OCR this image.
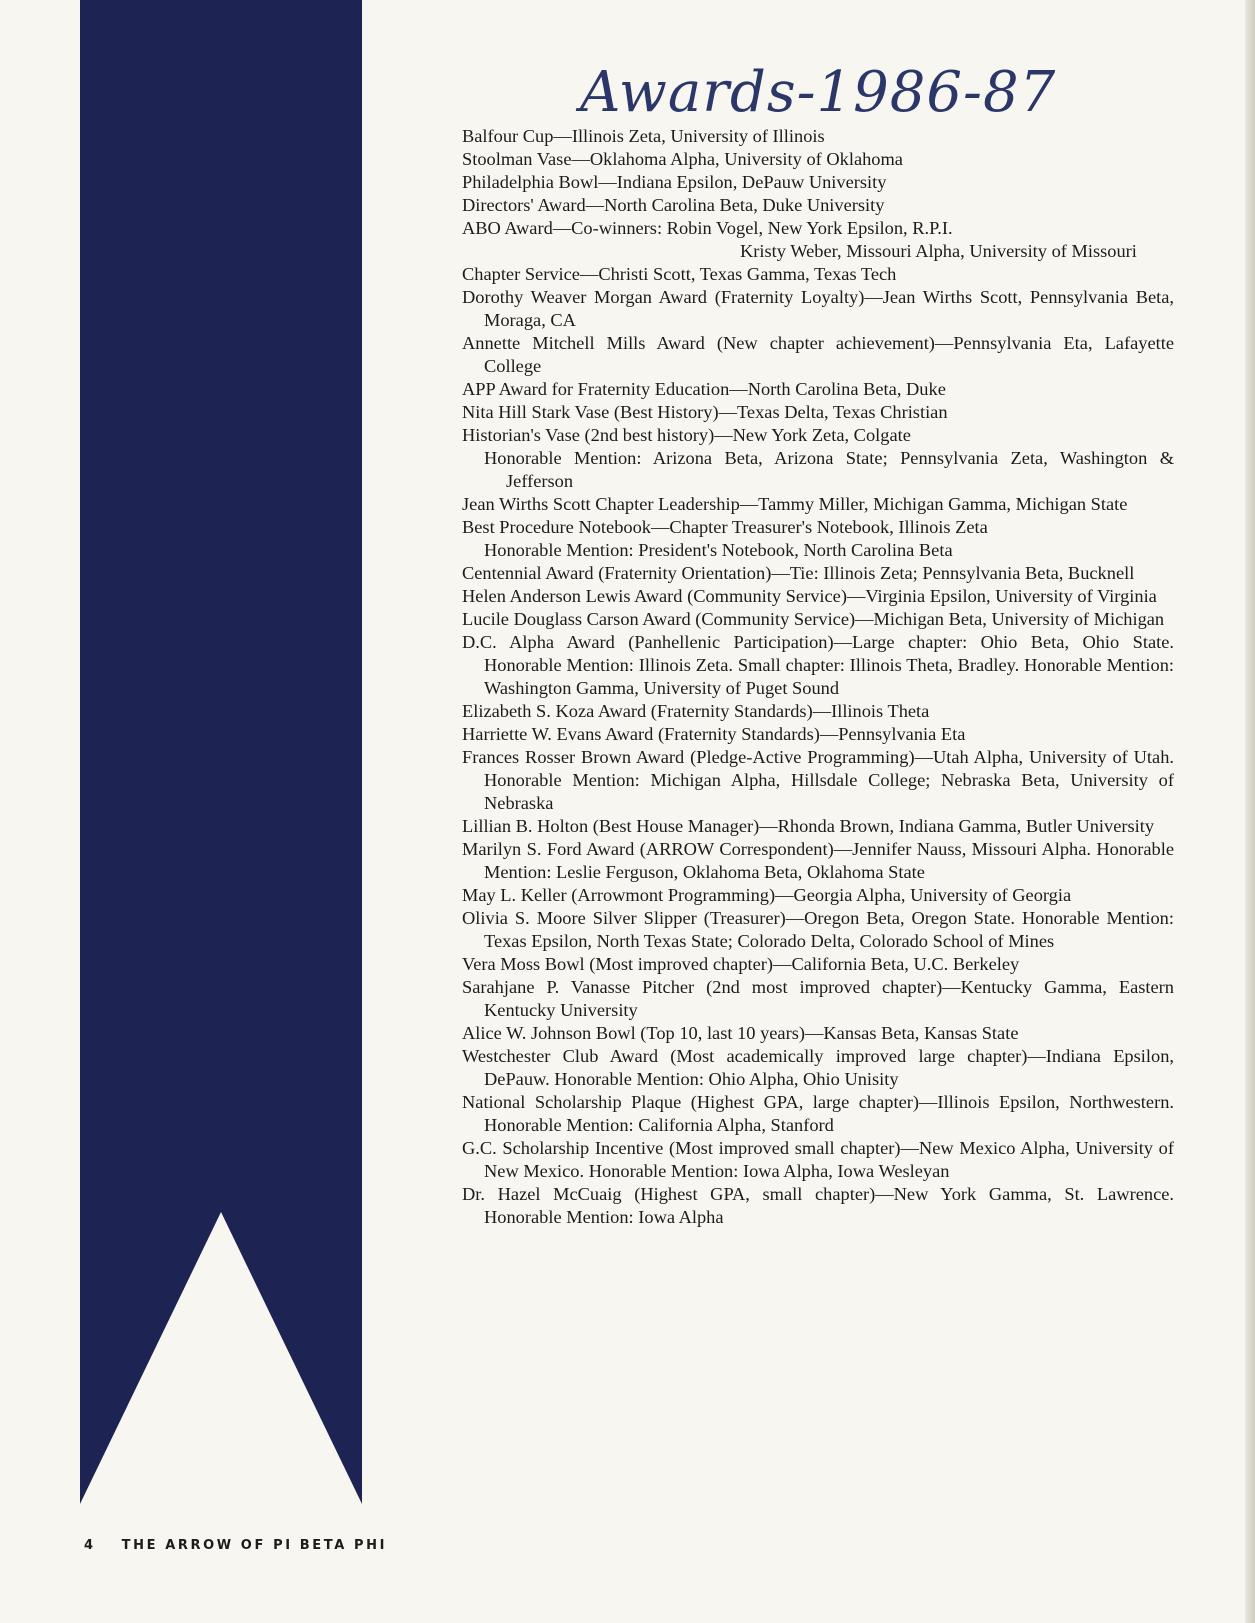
Awards-1986-87
Balfour Cup—Illinois Zeta, University of Illinois
Stoolman Vase—Oklahoma Alpha, University of Oklahoma
Philadelphia Bowl—Indiana Epsilon, DePauw University
Directors' Award—North Carolina Beta, Duke University
ABO Award—Co-winners: Robin Vogel, New York Epsilon, R.P.I.
Kristy Weber, Missouri Alpha, University of Missouri
Chapter Service—Christi Scott, Texas Gamma, Texas Tech
Dorothy Weaver Morgan Award (Fraternity Loyalty)—Jean Wirths Scott, Pennsylvania Beta, Moraga, CA
Annette Mitchell Mills Award (New chapter achievement)—Pennsylvania Eta, Lafayette College
APP Award for Fraternity Education—North Carolina Beta, Duke
Nita Hill Stark Vase (Best History)—Texas Delta, Texas Christian
Historian's Vase (2nd best history)—New York Zeta, Colgate
Honorable Mention: Arizona Beta, Arizona State; Pennsylvania Zeta, Washington & Jefferson
Jean Wirths Scott Chapter Leadership—Tammy Miller, Michigan Gamma, Michigan State
Best Procedure Notebook—Chapter Treasurer's Notebook, Illinois Zeta
Honorable Mention: President's Notebook, North Carolina Beta
Centennial Award (Fraternity Orientation)—Tie: Illinois Zeta; Pennsylvania Beta, Bucknell
Helen Anderson Lewis Award (Community Service)—Virginia Epsilon, University of Virginia
Lucile Douglass Carson Award (Community Service)—Michigan Beta, University of Michigan
D.C. Alpha Award (Panhellenic Participation)—Large chapter: Ohio Beta, Ohio State. Honorable Mention: Illinois Zeta. Small chapter: Illinois Theta, Bradley. Honorable Mention: Washington Gamma, University of Puget Sound
Elizabeth S. Koza Award (Fraternity Standards)—Illinois Theta
Harriette W. Evans Award (Fraternity Standards)—Pennsylvania Eta
Frances Rosser Brown Award (Pledge-Active Programming)—Utah Alpha, University of Utah. Honorable Mention: Michigan Alpha, Hillsdale College; Nebraska Beta, University of Nebraska
Lillian B. Holton (Best House Manager)—Rhonda Brown, Indiana Gamma, Butler University
Marilyn S. Ford Award (ARROW Correspondent)—Jennifer Nauss, Missouri Alpha. Honorable Mention: Leslie Ferguson, Oklahoma Beta, Oklahoma State
May L. Keller (Arrowmont Programming)—Georgia Alpha, University of Georgia
Olivia S. Moore Silver Slipper (Treasurer)—Oregon Beta, Oregon State. Honorable Mention: Texas Epsilon, North Texas State; Colorado Delta, Colorado School of Mines
Vera Moss Bowl (Most improved chapter)—California Beta, U.C. Berkeley
Sarahjane P. Vanasse Pitcher (2nd most improved chapter)—Kentucky Gamma, Eastern Kentucky University
Alice W. Johnson Bowl (Top 10, last 10 years)—Kansas Beta, Kansas State
Westchester Club Award (Most academically improved large chapter)—Indiana Epsilon, DePauw. Honorable Mention: Ohio Alpha, Ohio Unisity
National Scholarship Plaque (Highest GPA, large chapter)—Illinois Epsilon, Northwestern. Honorable Mention: California Alpha, Stanford
G.C. Scholarship Incentive (Most improved small chapter)—New Mexico Alpha, University of New Mexico. Honorable Mention: Iowa Alpha, Iowa Wesleyan
Dr. Hazel McCuaig (Highest GPA, small chapter)—New York Gamma, St. Lawrence. Honorable Mention: Iowa Alpha
4 THE ARROW OF PI BETA PHI
